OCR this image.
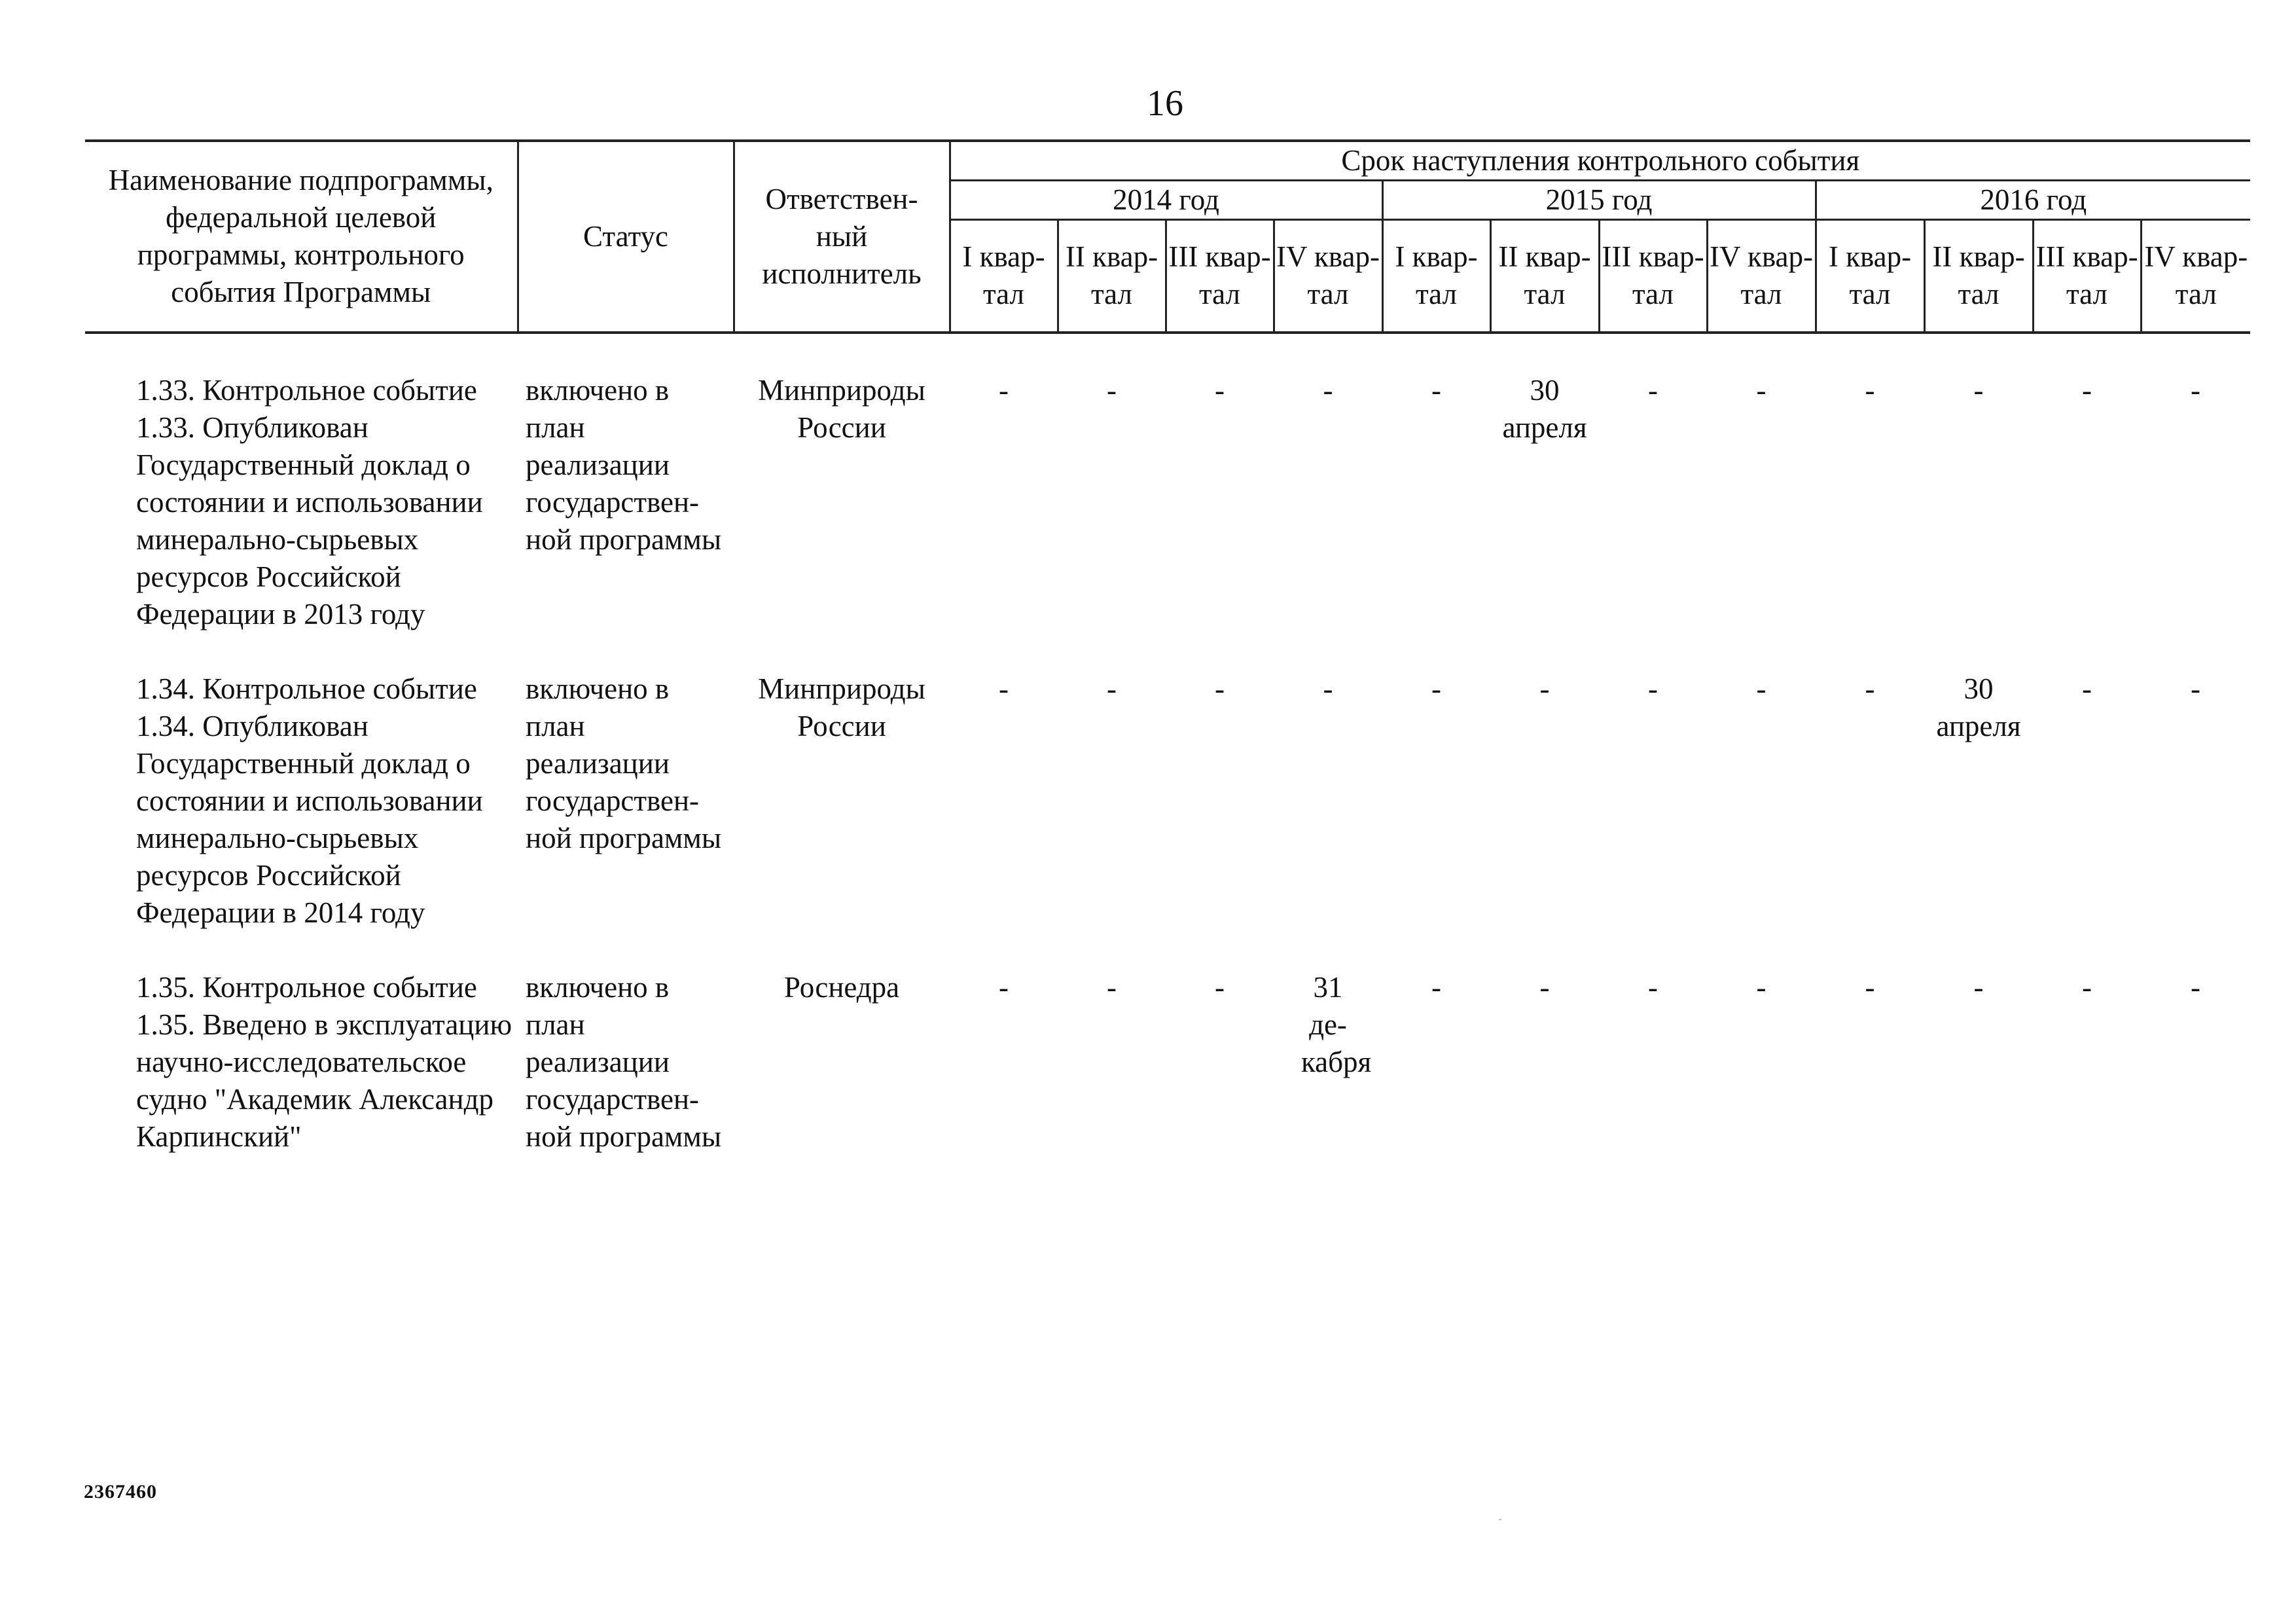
16
Наименование подпрограммы, федеральной целевой программы, контрольного события Программы	Статус	Ответствен-ный исполнитель	Срок наступления контрольного события											
			2014 год				2015 год				2016 год			
			I квар-тал	II квар-тал	III квар-тал	IV квар-тал	I квар-тал	II квар-тал	III квар-тал	IV квар-тал	I квар-тал	II квар-тал	III квар-тал	IV квар-тал

1.33. Контрольное событие 1.33. Опубликован Государственный доклад о состоянии и использовании минерально-сырьевых ресурсов Российской Федерации в 2013 году	включено в план реализации государствен-ной программы	Минприроды России	-	-	-	-	-	30 апреля	-	-	-	-	-	-
1.34. Контрольное событие 1.34. Опубликован Государственный доклад о состоянии и использовании минерально-сырьевых ресурсов Российской Федерации в 2014 году	включено в план реализации государствен-ной программы	Минприроды России	-	-	-	-	-	-	-	-	-	30 апреля	-	-
1.35. Контрольное событие 1.35. Введено в эксплуатацию научно-исследовательское судно "Академик Александр Карпинский"	включено в план реализации государствен-ной программы	Роснедра	-	-	-	31 де-кабря	-	-	-	-	-	-	-	-
2367460
